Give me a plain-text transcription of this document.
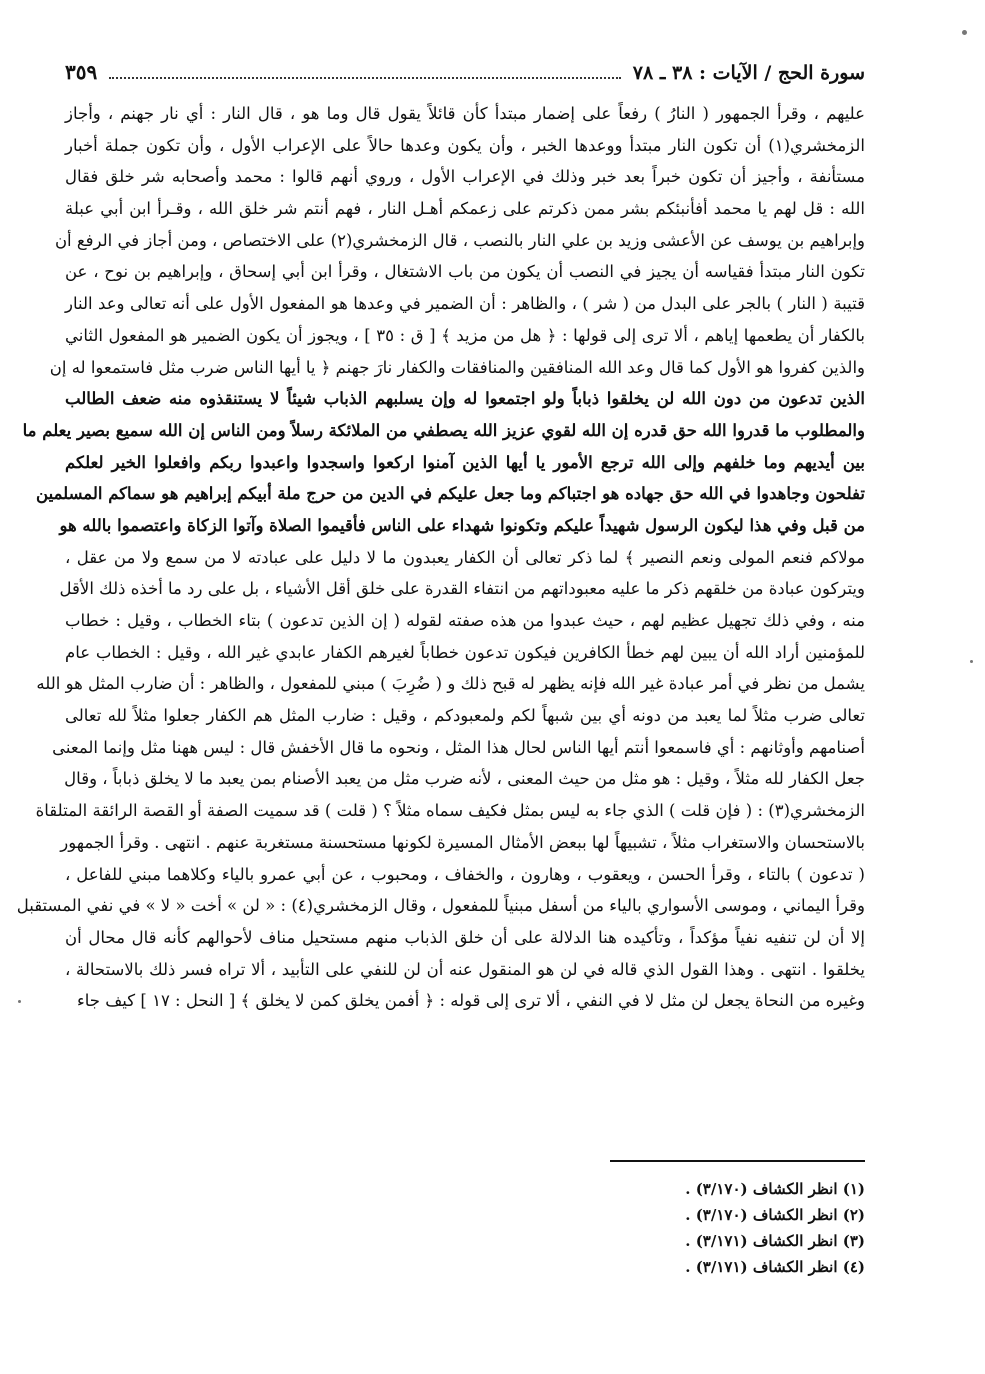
سورة الحج / الآيات : ٣٨ ـ ٧٨
٣٥٩
عليهم ، وقرأ الجمهور ( النارُ ) رفعاً على إضمار مبتدأ كأن قائلاً يقول قال وما هو ، قال النار : أي نار جهنم ، وأجاز
الزمخشري(١) أن تكون النار مبتدأ ووعدها الخبر ، وأن يكون وعدها حالاً على الإعراب الأول ، وأن تكون جملة أخبار
مستأنفة ، وأجيز أن تكون خبراً بعد خبر وذلك في الإعراب الأول ، وروي أنهم قالوا : محمد وأصحابه شر خلق فقال
الله : قل لهم يا محمد أفأنبئكم بشر ممن ذكرتم على زعمكم أهـل النار ، فهم أنتم شر خلق الله ، وقـرأ ابن أبي عبلة
وإبراهيم بن يوسف عن الأعشى وزيد بن علي النار بالنصب ، قال الزمخشري(٢) على الاختصاص ، ومن أجاز في الرفع أن
تكون النار مبتدأ فقياسه أن يجيز في النصب أن يكون من باب الاشتغال ، وقرأ ابن أبي إسحاق ، وإبراهيم بن نوح ، عن
قتيبة ( النار ) بالجر على البدل من ( شر ) ، والظاهر : أن الضمير في وعدها هو المفعول الأول على أنه تعالى وعد النار
بالكفار أن يطعمها إياهم ، ألا ترى إلى قولها : ﴿ هل من مزيد ﴾ [ ق : ٣٥ ] ، ويجوز أن يكون الضمير هو المفعول الثاني
والذين كفروا هو الأول كما قال وعد الله المنافقين والمنافقات والكفار نارَ جهنم ﴿ يا أيها الناس ضرب مثل فاستمعوا له إن
الذين تدعون من دون الله لن يخلقوا ذباباً ولو اجتمعوا له وإن يسلبهم الذباب شيئاً لا يستنقذوه منه ضعف الطالب
والمطلوب ما قدروا الله حق قدره إن الله لقوي عزيز الله يصطفي من الملائكة رسلاً ومن الناس إن الله سميع بصير يعلم ما
بين أيديهم وما خلفهم وإلى الله ترجع الأمور يا أيها الذين آمنوا اركعوا واسجدوا واعبدوا ربكم وافعلوا الخير لعلكم
تفلحون وجاهدوا في الله حق جهاده هو اجتباكم وما جعل عليكم في الدين من حرج ملة أبيكم إبراهيم هو سماكم المسلمين
من قبل وفي هذا ليكون الرسول شهيداً عليكم وتكونوا شهداء على الناس فأقيموا الصلاة وآتوا الزكاة واعتصموا بالله هو
مولاكم فنعم المولى ونعم النصير ﴾ لما ذكر تعالى أن الكفار يعبدون ما لا دليل على عبادته لا من سمع ولا من عقل ،
ويتركون عبادة من خلقهم ذكر ما عليه معبوداتهم من انتفاء القدرة على خلق أقل الأشياء ، بل على رد ما أخذه ذلك الأقل
منه ، وفي ذلك تجهيل عظيم لهم ، حيث عبدوا من هذه صفته لقوله ( إن الذين تدعون ) بتاء الخطاب ، وقيل : خطاب
للمؤمنين أراد الله أن يبين لهم خطأ الكافرين فيكون تدعون خطاباً لغيرهم الكفار عابدي غير الله ، وقيل : الخطاب عام
يشمل من نظر في أمر عبادة غير الله فإنه يظهر له قبح ذلك و ( ضُرِبَ ) مبني للمفعول ، والظاهر : أن ضارب المثل هو الله
تعالى ضرب مثلاً لما يعبد من دونه أي بين شبهاً لكم ولمعبودكم ، وقيل : ضارب المثل هم الكفار جعلوا مثلاً لله تعالى
أصنامهم وأوثانهم : أي فاسمعوا أنتم أيها الناس لحال هذا المثل ، ونحوه ما قال الأخفش قال : ليس ههنا مثل وإنما المعنى
جعل الكفار لله مثلاً ، وقيل : هو مثل من حيث المعنى ، لأنه ضرب مثل من يعبد الأصنام بمن يعبد ما لا يخلق ذباباً ، وقال
الزمخشري(٣) : ( فإن قلت ) الذي جاء به ليس بمثل فكيف سماه مثلاً ؟ ( قلت ) قد سميت الصفة أو القصة الرائقة المتلقاة
بالاستحسان والاستغراب مثلاً ، تشبيهاً لها ببعض الأمثال المسيرة لكونها مستحسنة مستغربة عنهم . انتهى . وقرأ الجمهور
( تدعون ) بالتاء ، وقرأ الحسن ، ويعقوب ، وهارون ، والخفاف ، ومحبوب ، عن أبي عمرو بالياء وكلاهما مبني للفاعل ،
وقرأ اليماني ، وموسى الأسواري بالياء من أسفل مبنياً للمفعول ، وقال الزمخشري(٤) : « لن » أخت « لا » في نفي المستقبل
إلا أن لن تنفيه نفياً مؤكداً ، وتأكيده هنا الدلالة على أن خلق الذباب منهم مستحيل مناف لأحوالهم كأنه قال محال أن
يخلقوا . انتهى . وهذا القول الذي قاله في لن هو المنقول عنه أن لن للنفي على التأبيد ، ألا تراه فسر ذلك بالاستحالة ،
وغيره من النحاة يجعل لن مثل لا في النفي ، ألا ترى إلى قوله : ﴿ أفمن يخلق كمن لا يخلق ﴾ [ النحل : ١٧ ] كيف جاء
(١) انظر الكشاف (٣/١٧٠) .
(٢) انظر الكشاف (٣/١٧٠) .
(٣) انظر الكشاف (٣/١٧١) .
(٤) انظر الكشاف (٣/١٧١) .
